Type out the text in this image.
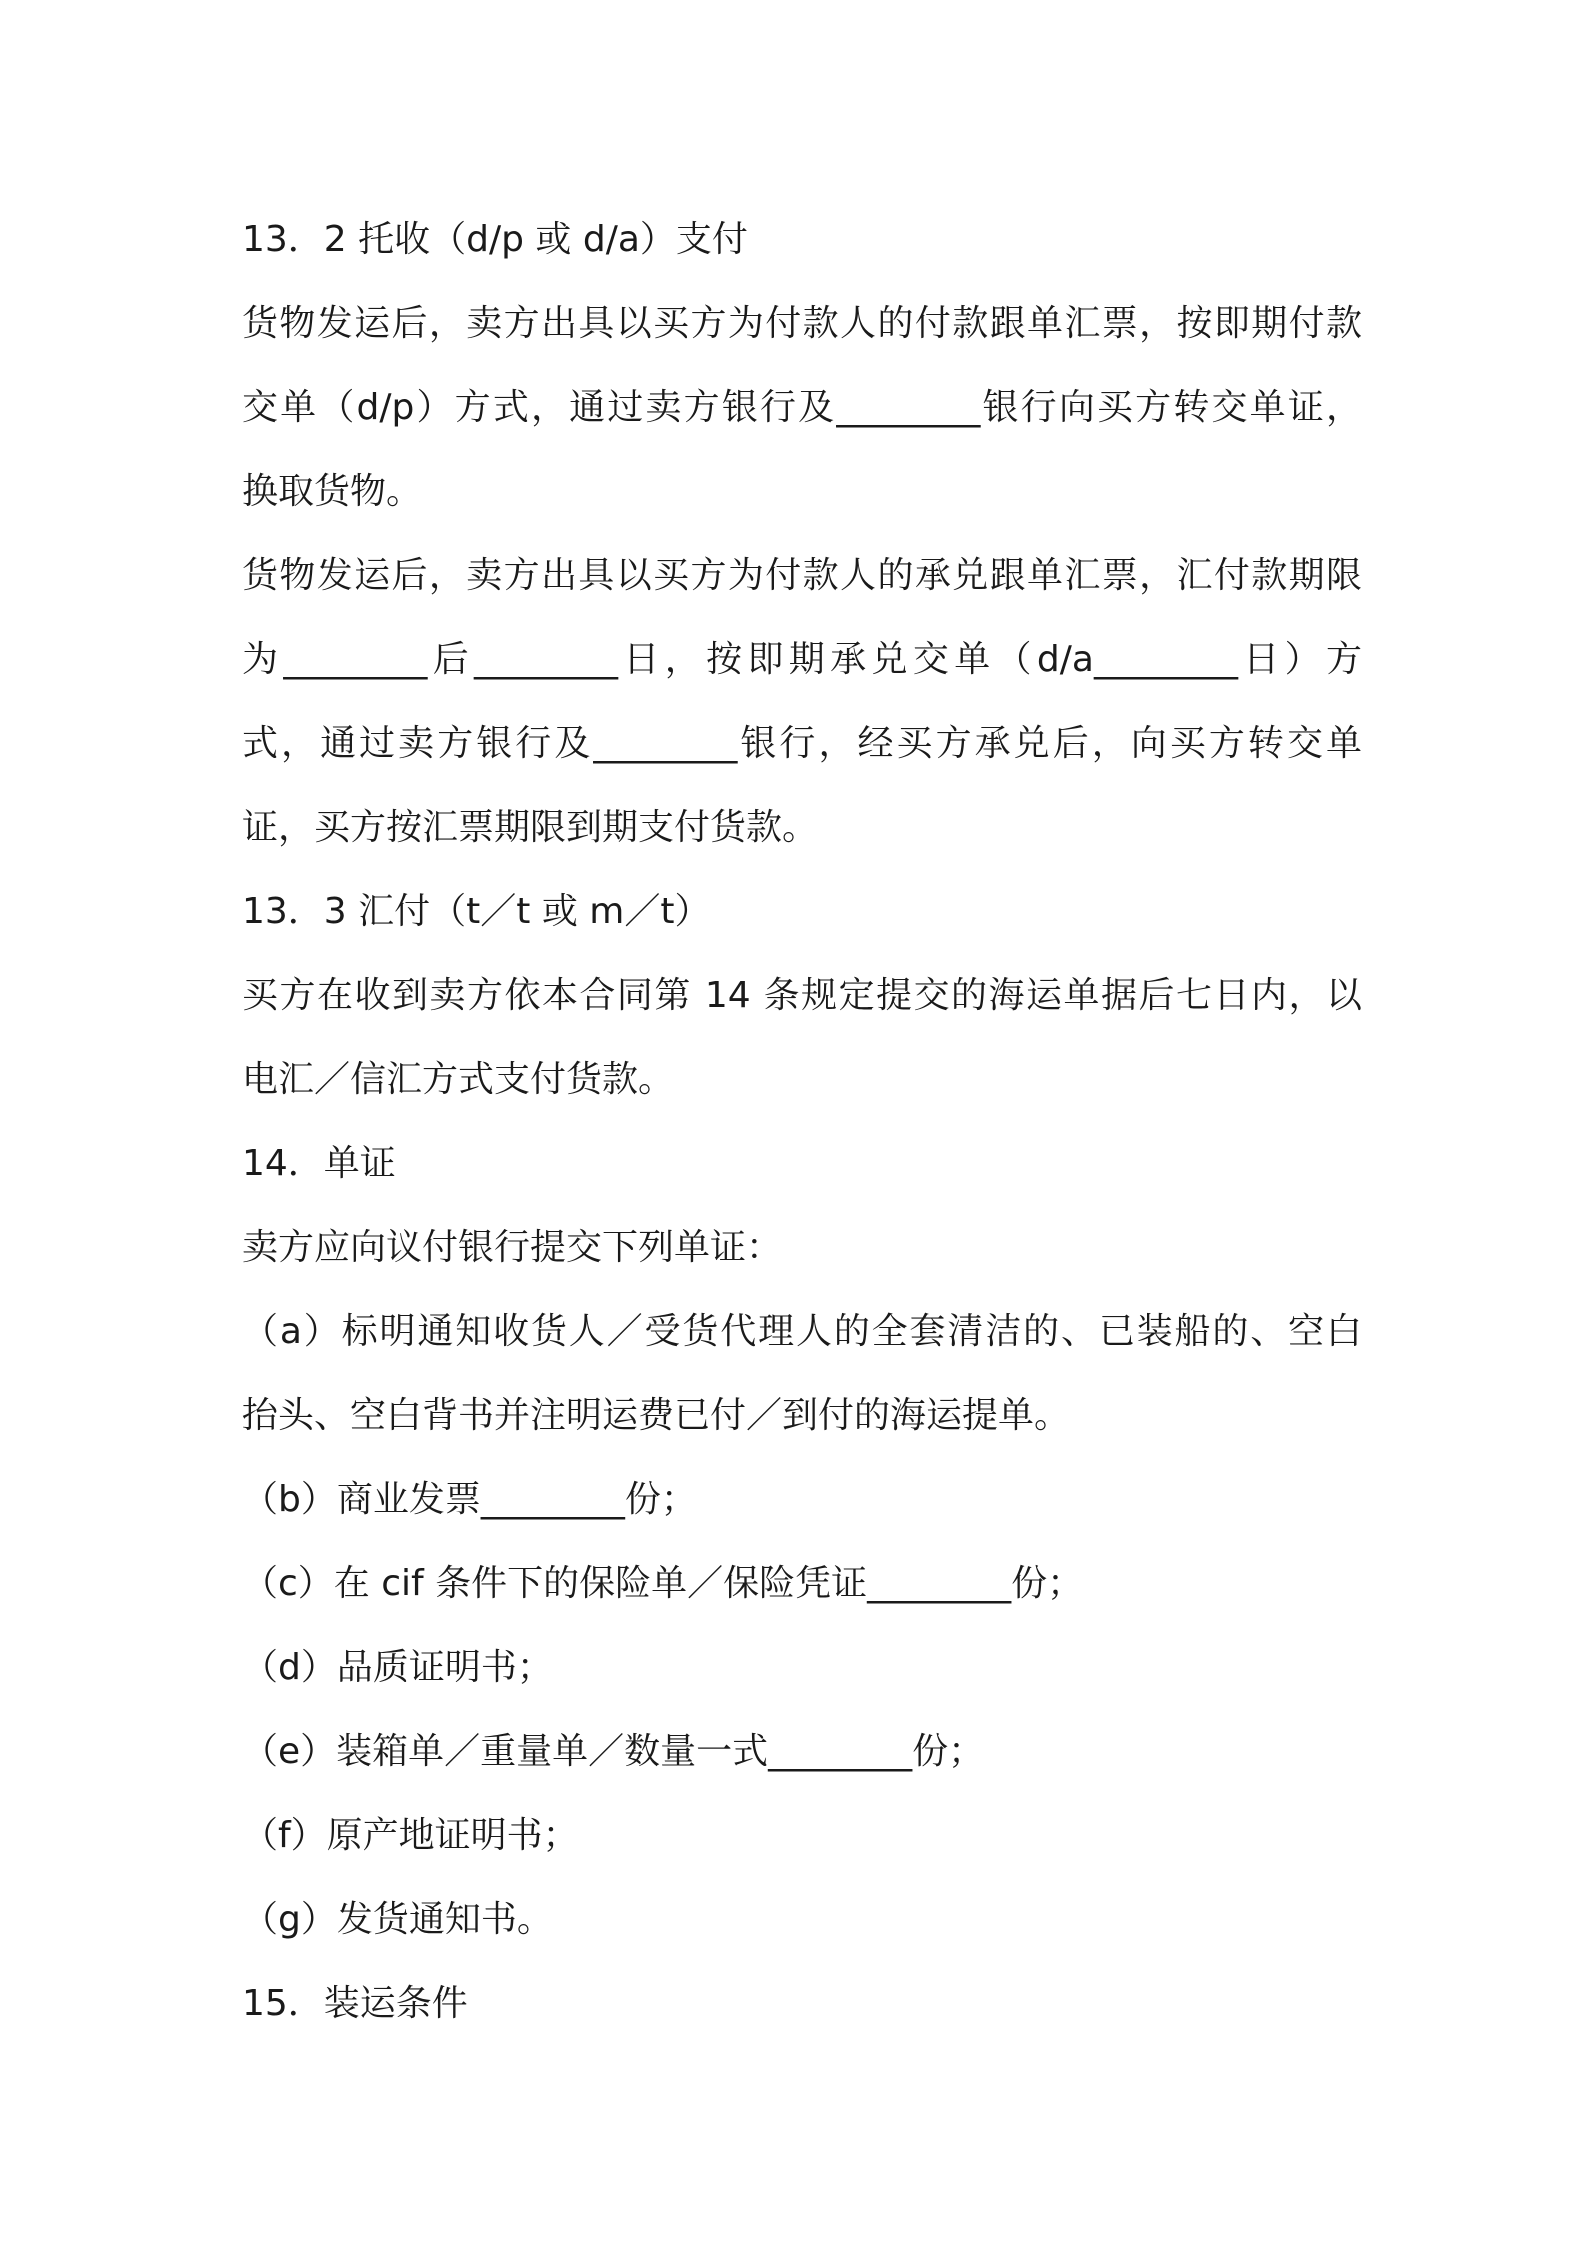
13．2 托收（d/p 或 d/a）支付
货物发运后，卖方出具以买方为付款人的付款跟单汇票，按即期付款
交单（d/p）方式，通过卖方银行及________银行向买方转交单证，
换取货物。
货物发运后，卖方出具以买方为付款人的承兑跟单汇票，汇付款期限
为________后________日，按即期承兑交单（d/a________日）方
式，通过卖方银行及________银行，经买方承兑后，向买方转交单
证，买方按汇票期限到期支付货款。
13．3 汇付（t／t 或 m／t）
买方在收到卖方依本合同第 14 条规定提交的海运单据后七日内，以
电汇／信汇方式支付货款。
14．单证
卖方应向议付银行提交下列单证：
（a）标明通知收货人／受货代理人的全套清洁的、已装船的、空白
抬头、空白背书并注明运费已付／到付的海运提单。
（b）商业发票________份；
（c）在 cif 条件下的保险单／保险凭证________份；
（d）品质证明书；
（e）装箱单／重量单／数量一式________份；
（f）原产地证明书；
（g）发货通知书。
15．装运条件
